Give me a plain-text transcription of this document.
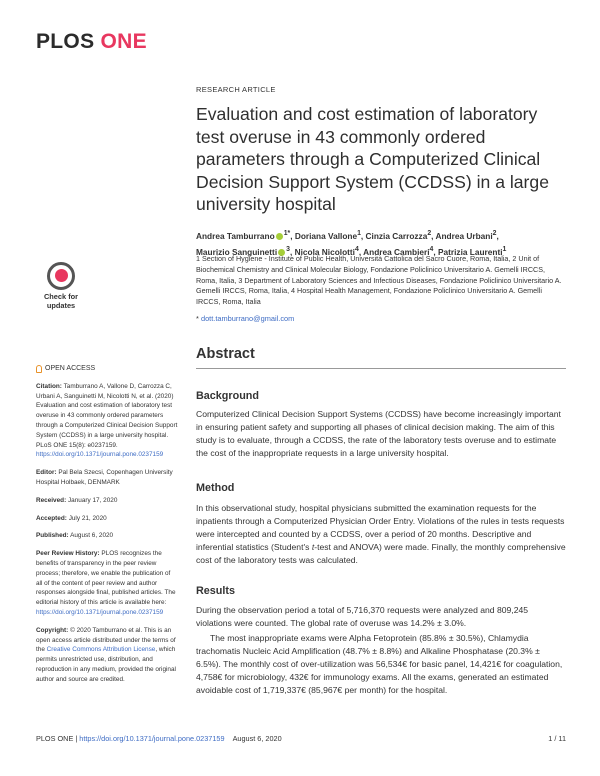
PLOS ONE
RESEARCH ARTICLE
Evaluation and cost estimation of laboratory test overuse in 43 commonly ordered parameters through a Computerized Clinical Decision Support System (CCDSS) in a large university hospital
Andrea Tamburrano $^{1*}$, Doriana Vallone$^1$, Cinzia Carrozza$^2$, Andrea Urbani$^2$,
Maurizio Sanguinetti $^3$, Nicola Nicolotti$^4$, Andrea Cambieri$^4$, Patrizia Laurenti$^1$
1 Section of Hygiene - Institute of Public Health, Università Cattolica del Sacro Cuore, Roma, Italia, 2 Unit of Biochemical Chemistry and Clinical Molecular Biology, Fondazione Policlinico Universitario A. Gemelli IRCCS, Roma, Italia, 3 Department of Laboratory Sciences and Infectious Diseases, Fondazione Policlinico Universitario A. Gemelli IRCCS, Roma, Italia, 4 Hospital Health Management, Fondazione Policlinico Universitario A. Gemelli IRCCS, Roma, Italia
* dott.tamburrano@gmail.com
Check for
updates
OPEN ACCESS

Citation: Tamburrano A, Vallone D, Carrozza C, Urbani A, Sanguinetti M, Nicolotti N, et al. (2020) Evaluation and cost estimation of laboratory test overuse in 43 commonly ordered parameters through a Computerized Clinical Decision Support System (CCDSS) in a large university hospital. PLoS ONE 15(8): e0237159. https://doi.org/10.1371/journal.pone.0237159

Editor: Pal Bela Szecsi, Copenhagen University Hospital Holbaek, DENMARK

Received: January 17, 2020

Accepted: July 21, 2020

Published: August 6, 2020

Peer Review History: PLOS recognizes the benefits of transparency in the peer review process; therefore, we enable the publication of all of the content of peer review and author responses alongside final, published articles. The editorial history of this article is available here: https://doi.org/10.1371/journal.pone.0237159

Copyright: © 2020 Tamburrano et al. This is an open access article distributed under the terms of the Creative Commons Attribution License, which permits unrestricted use, distribution, and reproduction in any medium, provided the original author and source are credited.

Abstract
Background

Computerized Clinical Decision Support Systems (CCDSS) have become increasingly important in ensuring patient safety and supporting all phases of clinical decision making. The aim of this study is to evaluate, through a CCDSS, the rate of the laboratory tests overuse and to estimate the cost of the inappropriate requests in a large university hospital.

Method

In this observational study, hospital physicians submitted the examination requests for the inpatients through a Computerized Physician Order Entry. Violations of the rules in tests requests were intercepted and counted by a CCDSS, over a period of 20 months. Descriptive and inferential statistics (Student's t-test and ANOVA) were made. Finally, the monthly comprehensive cost of the laboratory tests was calculated.

Results

During the observation period a total of 5,716,370 requests were analyzed and 809,245 violations were counted. The global rate of overuse was 14.2% ± 3.0%.

The most inappropriate exams were Alpha Fetoprotein (85.8% ± 30.5%), Chlamydia trachomatis Nucleic Acid Amplification (48.7% ± 8.8%) and Alkaline Phosphatase (20.3% ± 6.5%). The monthly cost of over-utilization was 56,534€ for basic panel, 14,421€ for coagulation, 4,758€ for microbiology, 432€ for immunology exams. All the exams, generated an estimated avoidable cost of 1,719,337€ (85,967€ per month) for the hospital.

PLOS ONE | https://doi.org/10.1371/journal.pone.0237159 August 6, 2020	1 / 11
